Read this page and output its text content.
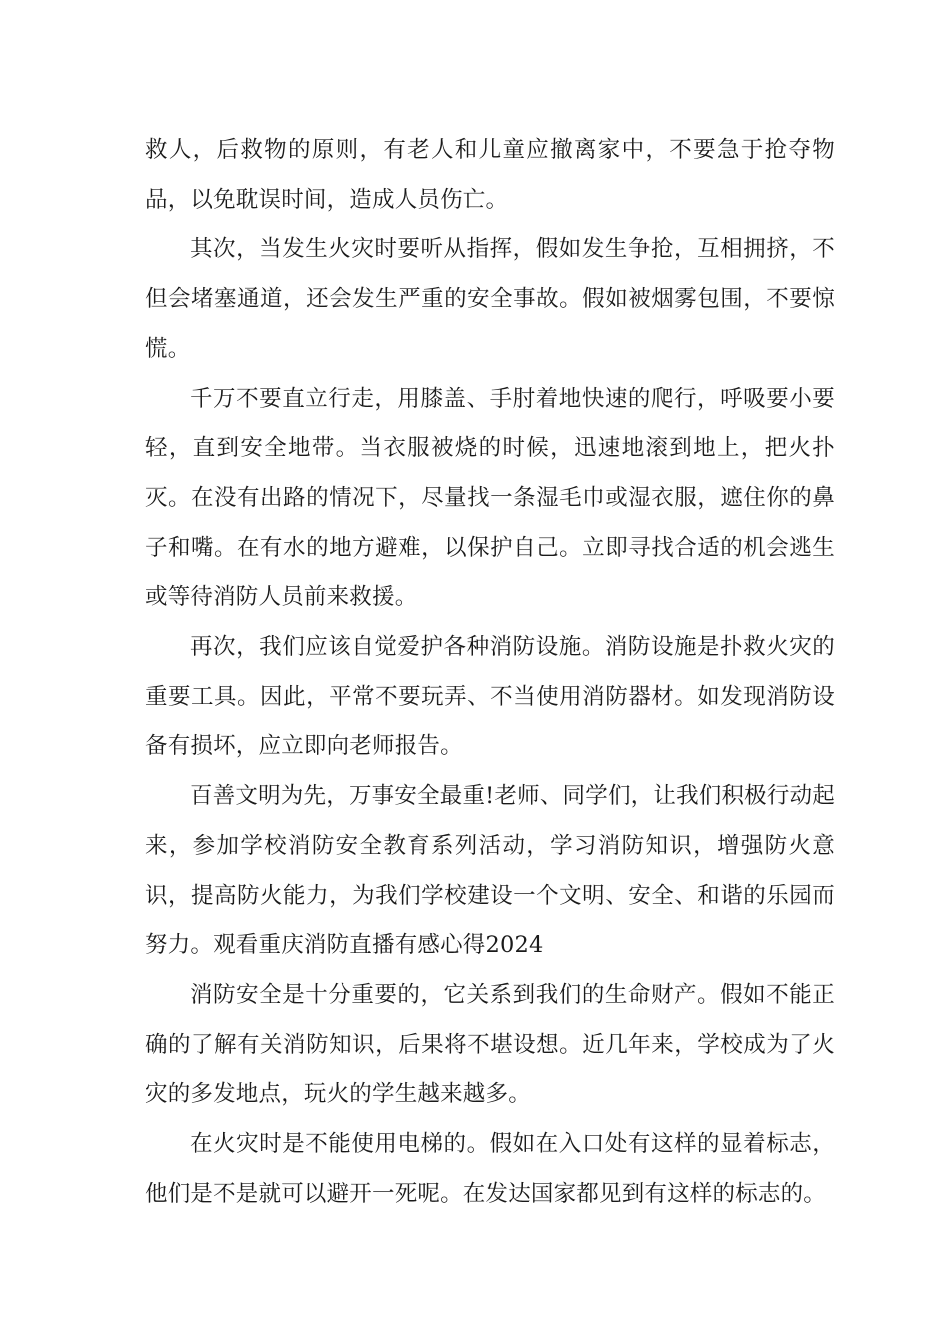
救人，后救物的原则，有老人和儿童应撤离家中，不要急于抢夺物品，以免耽误时间，造成人员伤亡。

其次，当发生火灾时要听从指挥，假如发生争抢，互相拥挤，不但会堵塞通道，还会发生严重的安全事故。假如被烟雾包围，不要惊慌。

千万不要直立行走，用膝盖、手肘着地快速的爬行，呼吸要小要轻，直到安全地带。当衣服被烧的时候，迅速地滚到地上，把火扑灭。在没有出路的情况下，尽量找一条湿毛巾或湿衣服，遮住你的鼻子和嘴。在有水的地方避难，以保护自己。立即寻找合适的机会逃生或等待消防人员前来救援。

再次，我们应该自觉爱护各种消防设施。消防设施是扑救火灾的重要工具。因此，平常不要玩弄、不当使用消防器材。如发现消防设备有损坏，应立即向老师报告。

百善文明为先，万事安全最重!老师、同学们，让我们积极行动起来，参加学校消防安全教育系列活动，学习消防知识，增强防火意识，提高防火能力，为我们学校建设一个文明、安全、和谐的乐园而努力。观看重庆消防直播有感心得2024

消防安全是十分重要的，它关系到我们的生命财产。假如不能正确的了解有关消防知识，后果将不堪设想。近几年来，学校成为了火灾的多发地点，玩火的学生越来越多。

在火灾时是不能使用电梯的。假如在入口处有这样的显着标志，他们是不是就可以避开一死呢。在发达国家都见到有这样的标志的。
